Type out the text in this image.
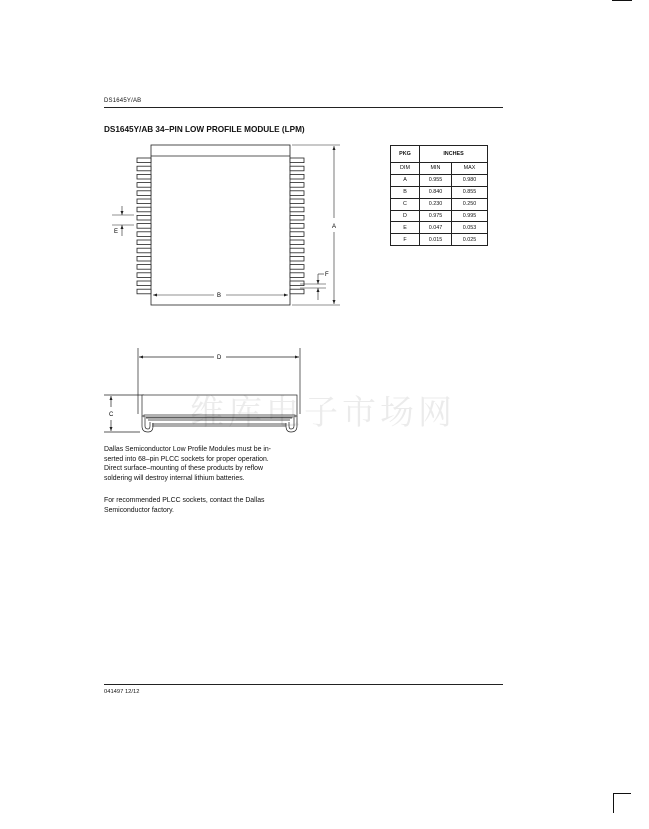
DS1645Y/AB
DS1645Y/AB 34–PIN LOW PROFILE MODULE (LPM)
A
B
E
F
D
C 维库电子市场网
PKG	INCHES	
DIM	MIN	MAX
A	0.955	0.980
B	0.840	0.855
C	0.230	0.250
D	0.975	0.995
E	0.047	0.053
F	0.015	0.025
Dallas Semiconductor Low Profile Modules must be in-
serted into 68–pin PLCC sockets for proper operation.
Direct surface–mounting of these products by reflow
soldering will destroy internal lithium batteries.
For recommended PLCC sockets, contact the Dallas
Semiconductor factory.
041497 12/12
